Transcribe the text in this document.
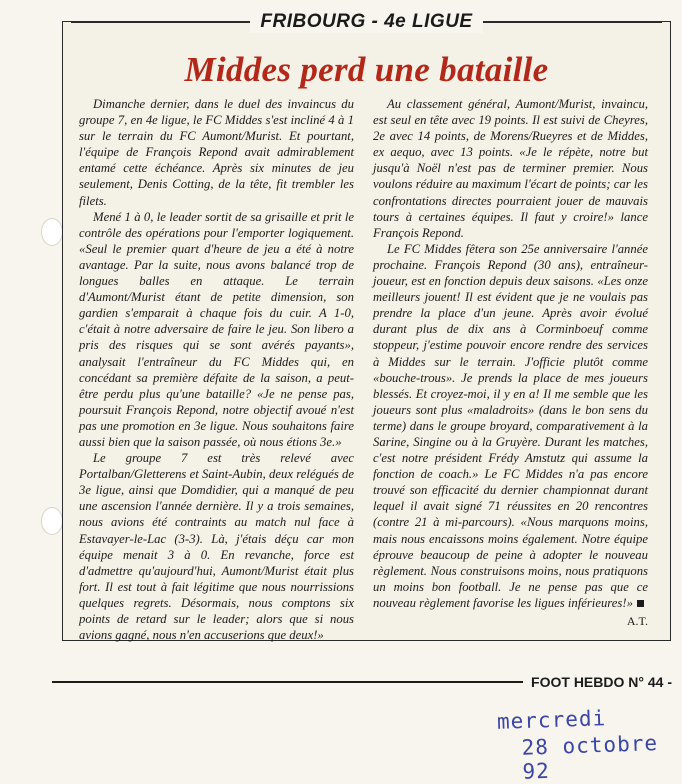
FRIBOURG - 4e LIGUE
Middes perd une bataille

Dimanche dernier, dans le duel des invaincus du groupe 7, en 4e ligue, le FC Middes s'est incliné 4 à 1 sur le terrain du FC Aumont/Murist. Et pourtant, l'équipe de François Repond avait admirablement entamé cette échéance. Après six minutes de jeu seulement, Denis Cotting, de la tête, fit trembler les filets.

Mené 1 à 0, le leader sortit de sa grisaille et prit le contrôle des opérations pour l'emporter logiquement. «Seul le premier quart d'heure de jeu a été à notre avantage. Par la suite, nous avons balancé trop de longues balles en attaque. Le terrain d'Aumont/Murist étant de petite dimension, son gardien s'emparait à chaque fois du cuir. A 1-0, c'était à notre adversaire de faire le jeu. Son libero a pris des risques qui se sont avérés payants», analysait l'entraîneur du FC Middes qui, en concédant sa première défaite de la saison, a peut-être perdu plus qu'une bataille? «Je ne pense pas, poursuit François Repond, notre objectif avoué n'est pas une promotion en 3e ligue. Nous souhaitons faire aussi bien que la saison passée, où nous étions 3e.»

Le groupe 7 est très relevé avec Portalban/Gletterens et Saint-Aubin, deux relégués de 3e ligue, ainsi que Domdidier, qui a manqué de peu une ascension l'année dernière. Il y a trois semaines, nous avions été contraints au match nul face à Estavayer-le-Lac (3-3). Là, j'étais déçu car mon équipe menait 3 à 0. En revanche, force est d'admettre qu'aujourd'hui, Aumont/Murist était plus fort. Il est tout à fait légitime que nous nourrissions quelques regrets. Désormais, nous comptons six points de retard sur le leader; alors que si nous avions gagné, nous n'en accuserions que deux!»

Au classement général, Aumont/Murist, invaincu, est seul en tête avec 19 points. Il est suivi de Cheyres, 2e avec 14 points, de Morens/Rueyres et de Middes, ex aequo, avec 13 points. «Je le répète, notre but jusqu'à Noël n'est pas de terminer premier. Nous voulons réduire au maximum l'écart de points; car les confrontations directes pourraient jouer de mauvais tours à certaines équipes. Il faut y croire!» lance François Repond.

Le FC Middes fêtera son 25e anniversaire l'année prochaine. François Repond (30 ans), entraîneur-joueur, est en fonction depuis deux saisons. «Les onze meilleurs jouent! Il est évident que je ne voulais pas prendre la place d'un jeune. Après avoir évolué durant plus de dix ans à Corminboeuf comme stoppeur, j'estime pouvoir encore rendre des services à Middes sur le terrain. J'officie plutôt comme «bouche-trous». Je prends la place de mes joueurs blessés. Et croyez-moi, il y en a! Il me semble que les joueurs sont plus «maladroits» (dans le bon sens du terme) dans le groupe broyard, comparativement à la Sarine, Singine ou à la Gruyère. Durant les matches, c'est notre président Frédy Amstutz qui assume la fonction de coach.» Le FC Middes n'a pas encore trouvé son efficacité du dernier championnat durant lequel il avait signé 71 réussites en 20 rencontres (contre 21 à mi-parcours). «Nous marquons moins, mais nous encaissons moins également. Notre équipe éprouve beaucoup de peine à adopter le nouveau règlement. Nous construisons moins, nous pratiquons un moins bon football. Je ne pense pas que ce nouveau règlement favorise les ligues inférieures!»

A.T.
FOOT HEBDO N° 44 -
mercredi
28 octobre 92
